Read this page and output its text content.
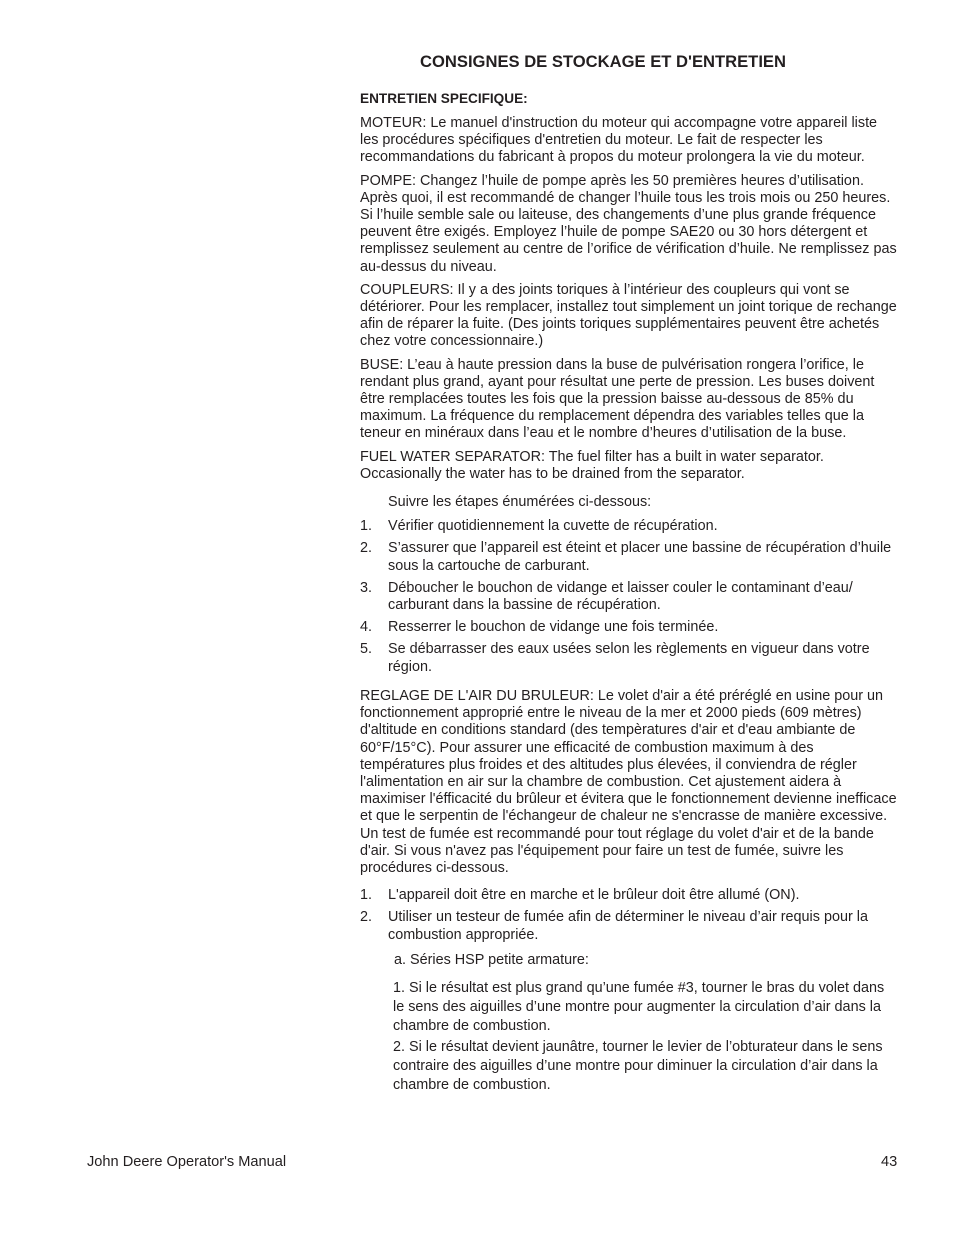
CONSIGNES DE STOCKAGE ET D'ENTRETIEN
ENTRETIEN SPECIFIQUE:

MOTEUR: Le manuel d'instruction du moteur qui accompagne votre appareil liste les procédures spécifiques d'entretien du moteur. Le fait de respecter les recommandations du fabricant à propos du moteur prolongera la vie du moteur.

POMPE: Changez l’huile de pompe après les 50 premières heures d’utilisation. Après quoi, il est recommandé de changer l’huile tous les trois mois ou 250 heures. Si l’huile semble sale ou laiteuse, des changements d’une plus grande fréquence peuvent être exigés. Employez l’huile de pompe SAE20 ou 30 hors détergent et remplissez seulement au centre de l’orifice de vérification d’huile. Ne remplissez pas au-dessus du niveau.

COUPLEURS: Il y a des joints toriques à l’intérieur des coupleurs qui vont se détériorer. Pour les remplacer, installez tout simplement un joint torique de rechange afin de réparer la fuite. (Des joints toriques supplémentaires peuvent être achetés chez votre concessionnaire.)

BUSE: L’eau à haute pression dans la buse de pulvérisation rongera l’orifice, le rendant plus grand, ayant pour résultat une perte de pression. Les buses doivent être remplacées toutes les fois que la pression baisse au-dessous de 85% du maximum. La fréquence du remplacement dépendra des variables telles que la teneur en minéraux dans l’eau et le nombre d’heures d’utilisation de la buse.

FUEL WATER SEPARATOR: The fuel filter has a built in water separator. Occasionally the water has to be drained from the separator.

Suivre les étapes énumérées ci-dessous:

1. Vérifier quotidiennement la cuvette de récupération.
2. S’assurer que l’appareil est éteint et placer une bassine de récupération d’huile sous la cartouche de carburant.
3. Déboucher le bouchon de vidange et laisser couler le contaminant d’eau/ carburant dans la bassine de récupération.
4. Resserrer le bouchon de vidange une fois terminée.
5. Se débarrasser des eaux usées selon les règlements en vigueur dans votre région.

REGLAGE DE L'AIR DU BRULEUR: Le volet d'air a été préréglé en usine pour un fonctionnement approprié entre le niveau de la mer et 2000 pieds (609 mètres) d'altitude en conditions standard (des tempèratures d'air et d'eau ambiante de 60°F/15°C). Pour assurer une efficacité de combustion maximum à des températures plus froides et des altitudes plus élevées, il conviendra de régler l'alimentation en air sur la chambre de combustion. Cet ajustement aidera à maximiser l'éfficacité du brûleur et évitera que le fonctionnement devienne inefficace et que le serpentin de l'échangeur de chaleur ne s'encrasse de manière excessive. Un test de fumée est recommandé pour tout réglage du volet d'air et de la bande d'air. Si vous n'avez pas l'équipement pour faire un test de fumée, suivre les procédures ci-dessous.

1. L'appareil doit être en marche et le brûleur doit être allumé (ON).
2. Utiliser un testeur de fumée afin de déterminer le niveau d’air requis pour la combustion appropriée.

a. Séries HSP petite armature:

1. Si le résultat est plus grand qu’une fumée #3, tourner le bras du volet dans le sens des aiguilles d’une montre pour augmenter la circulation d’air dans la chambre de combustion.

2. Si le résultat devient jaunâtre, tourner le levier de l’obturateur dans le sens contraire des aiguilles d’une montre pour diminuer la circulation d’air dans la chambre de combustion.

John Deere Operator's Manual	43
